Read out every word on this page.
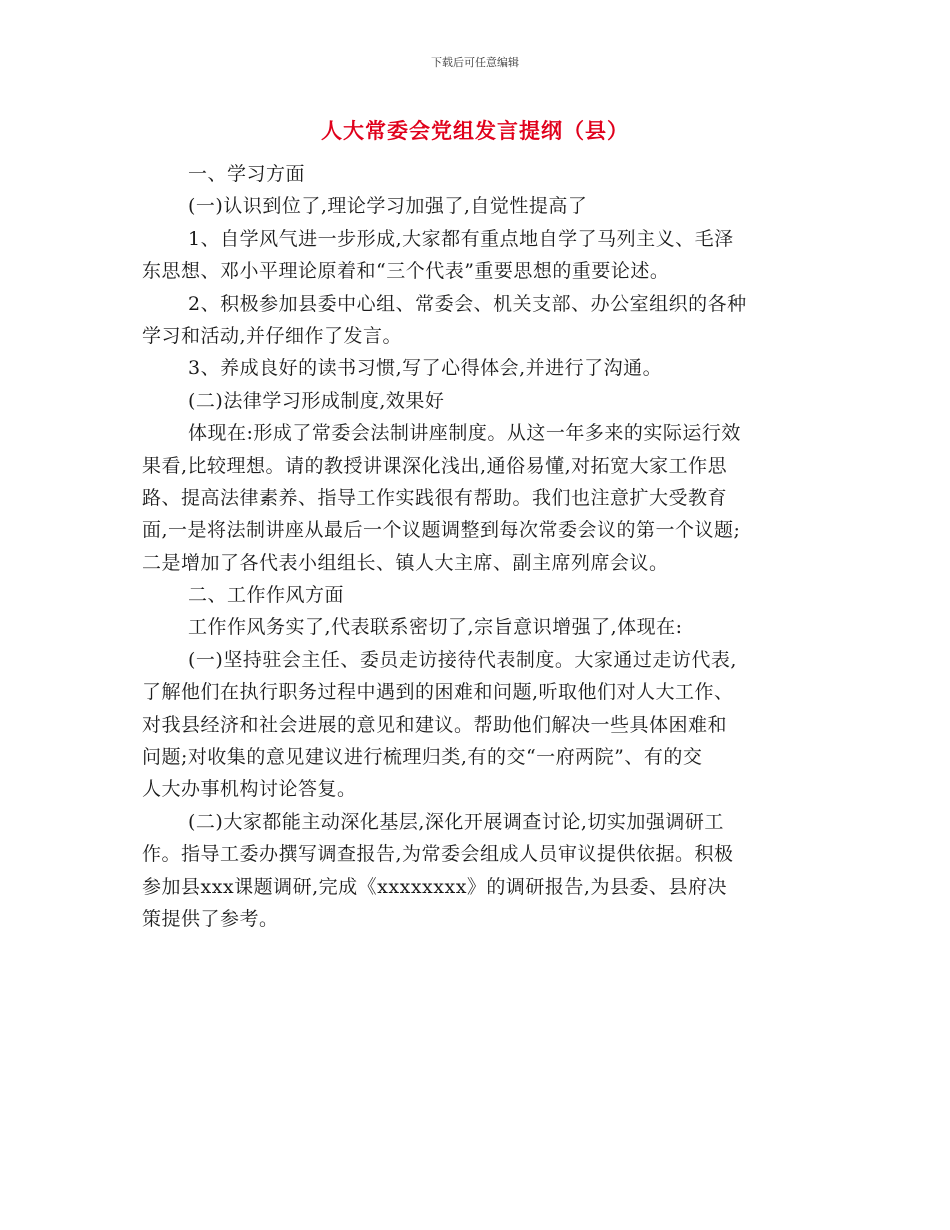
下载后可任意编辑
人大常委会党组发言提纲（县）
一、学习方面
(一)认识到位了,理论学习加强了,自觉性提高了
1、自学风气进一步形成,大家都有重点地自学了马列主义、毛泽
东思想、邓小平理论原着和“三个代表”重要思想的重要论述。
2、积极参加县委中心组、常委会、机关支部、办公室组织的各种
学习和活动,并仔细作了发言。
3、养成良好的读书习惯,写了心得体会,并进行了沟通。
(二)法律学习形成制度,效果好
体现在:形成了常委会法制讲座制度。从这一年多来的实际运行效
果看,比较理想。请的教授讲课深化浅出,通俗易懂,对拓宽大家工作思
路、提高法律素养、指导工作实践很有帮助。我们也注意扩大受教育
面,一是将法制讲座从最后一个议题调整到每次常委会议的第一个议题;
二是增加了各代表小组组长、镇人大主席、副主席列席会议。
二、工作作风方面
工作作风务实了,代表联系密切了,宗旨意识增强了,体现在:
(一)坚持驻会主任、委员走访接待代表制度。大家通过走访代表,
了解他们在执行职务过程中遇到的困难和问题,听取他们对人大工作、
对我县经济和社会进展的意见和建议。帮助他们解决一些具体困难和
问题;对收集的意见建议进行梳理归类,有的交“一府两院”、有的交
人大办事机构讨论答复。
(二)大家都能主动深化基层,深化开展调查讨论,切实加强调研工
作。指导工委办撰写调查报告,为常委会组成人员审议提供依据。积极
参加县xxx课题调研,完成《xxxxxxxx》的调研报告,为县委、县府决
策提供了参考。
